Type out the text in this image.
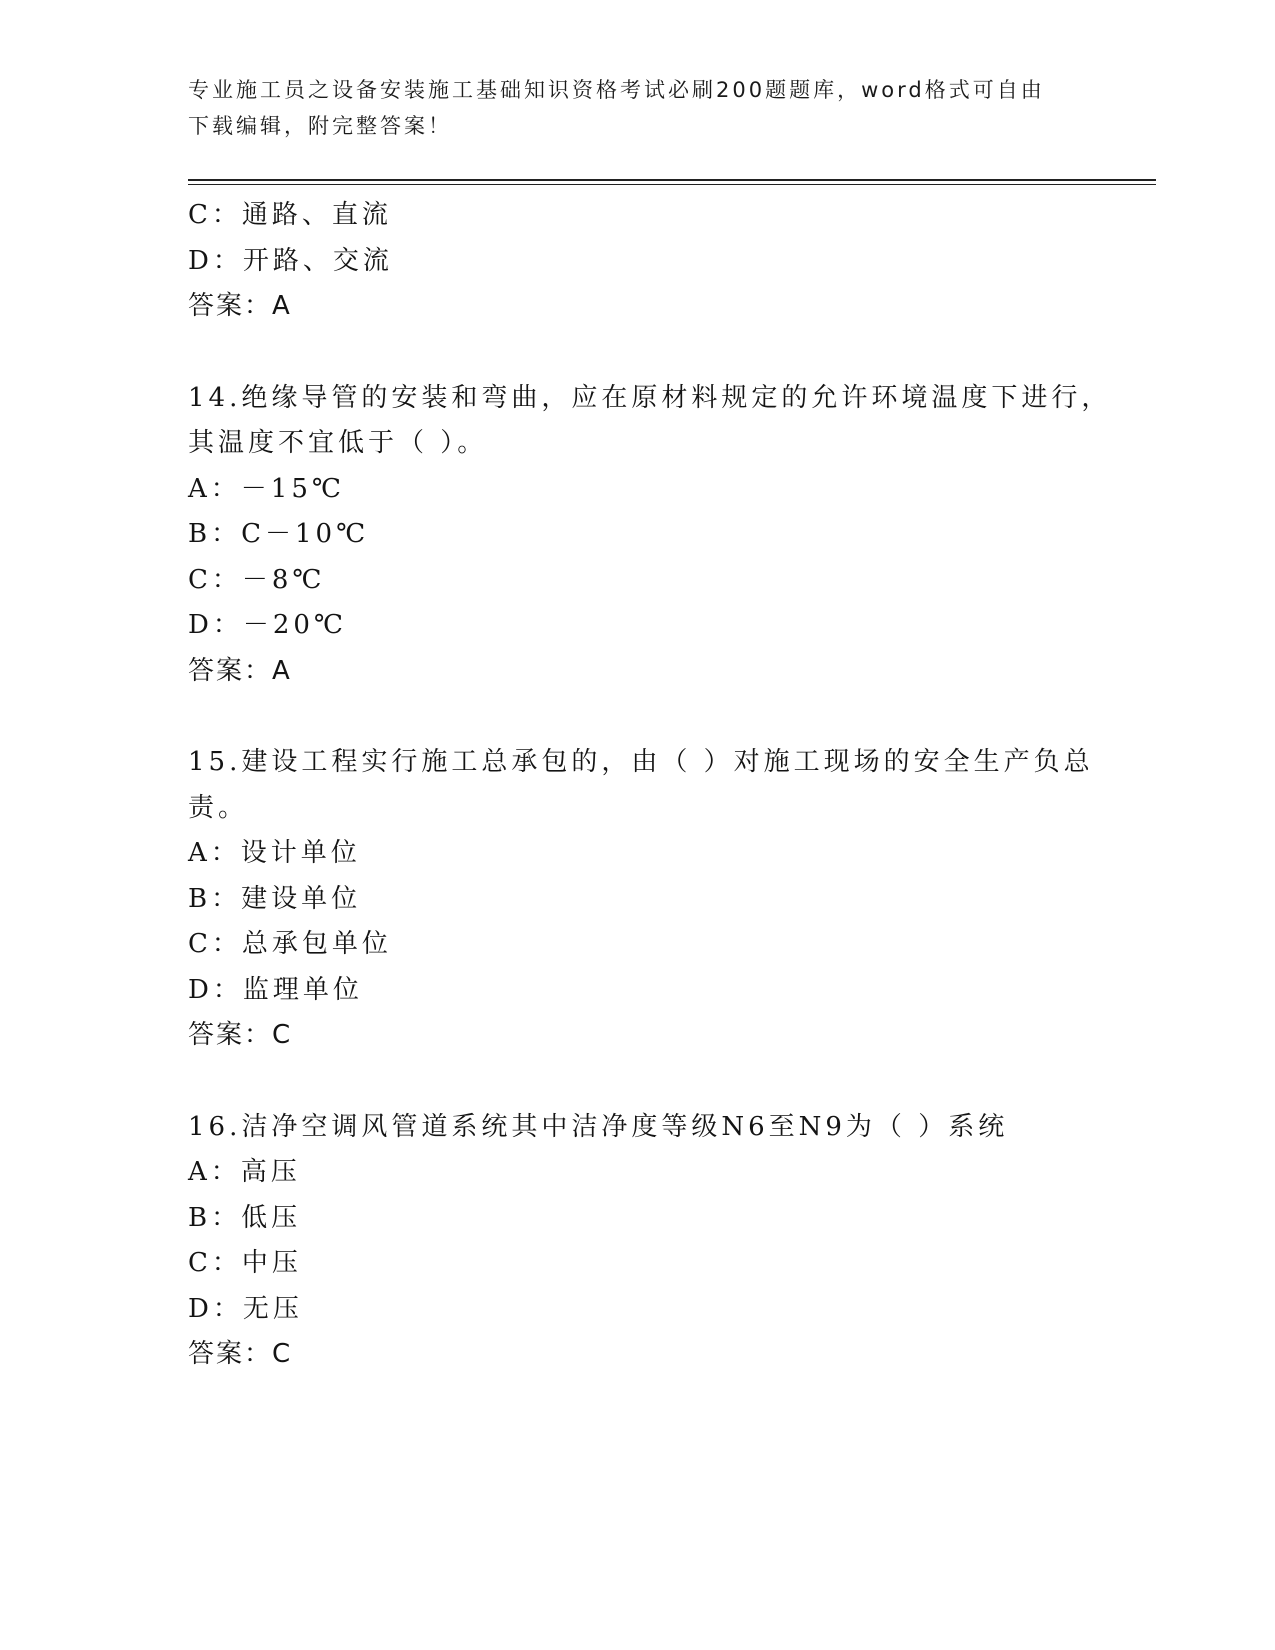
专业施工员之设备安装施工基础知识资格考试必刷200题题库，word格式可自由
下载编辑，附完整答案！
C：通路、直流
D：开路、交流
答案：A
14.绝缘导管的安装和弯曲，应在原材料规定的允许环境温度下进行，
其温度不宜低于（ ）。
A：－15℃
B：C－10℃
C：－8℃
D：－20℃
答案：A
15.建设工程实行施工总承包的，由（ ）对施工现场的安全生产负总
责。
A：设计单位
B：建设单位
C：总承包单位
D：监理单位
答案：C
16.洁净空调风管道系统其中洁净度等级N6至N9为（ ）系统
A：高压
B：低压
C：中压
D：无压
答案：C
